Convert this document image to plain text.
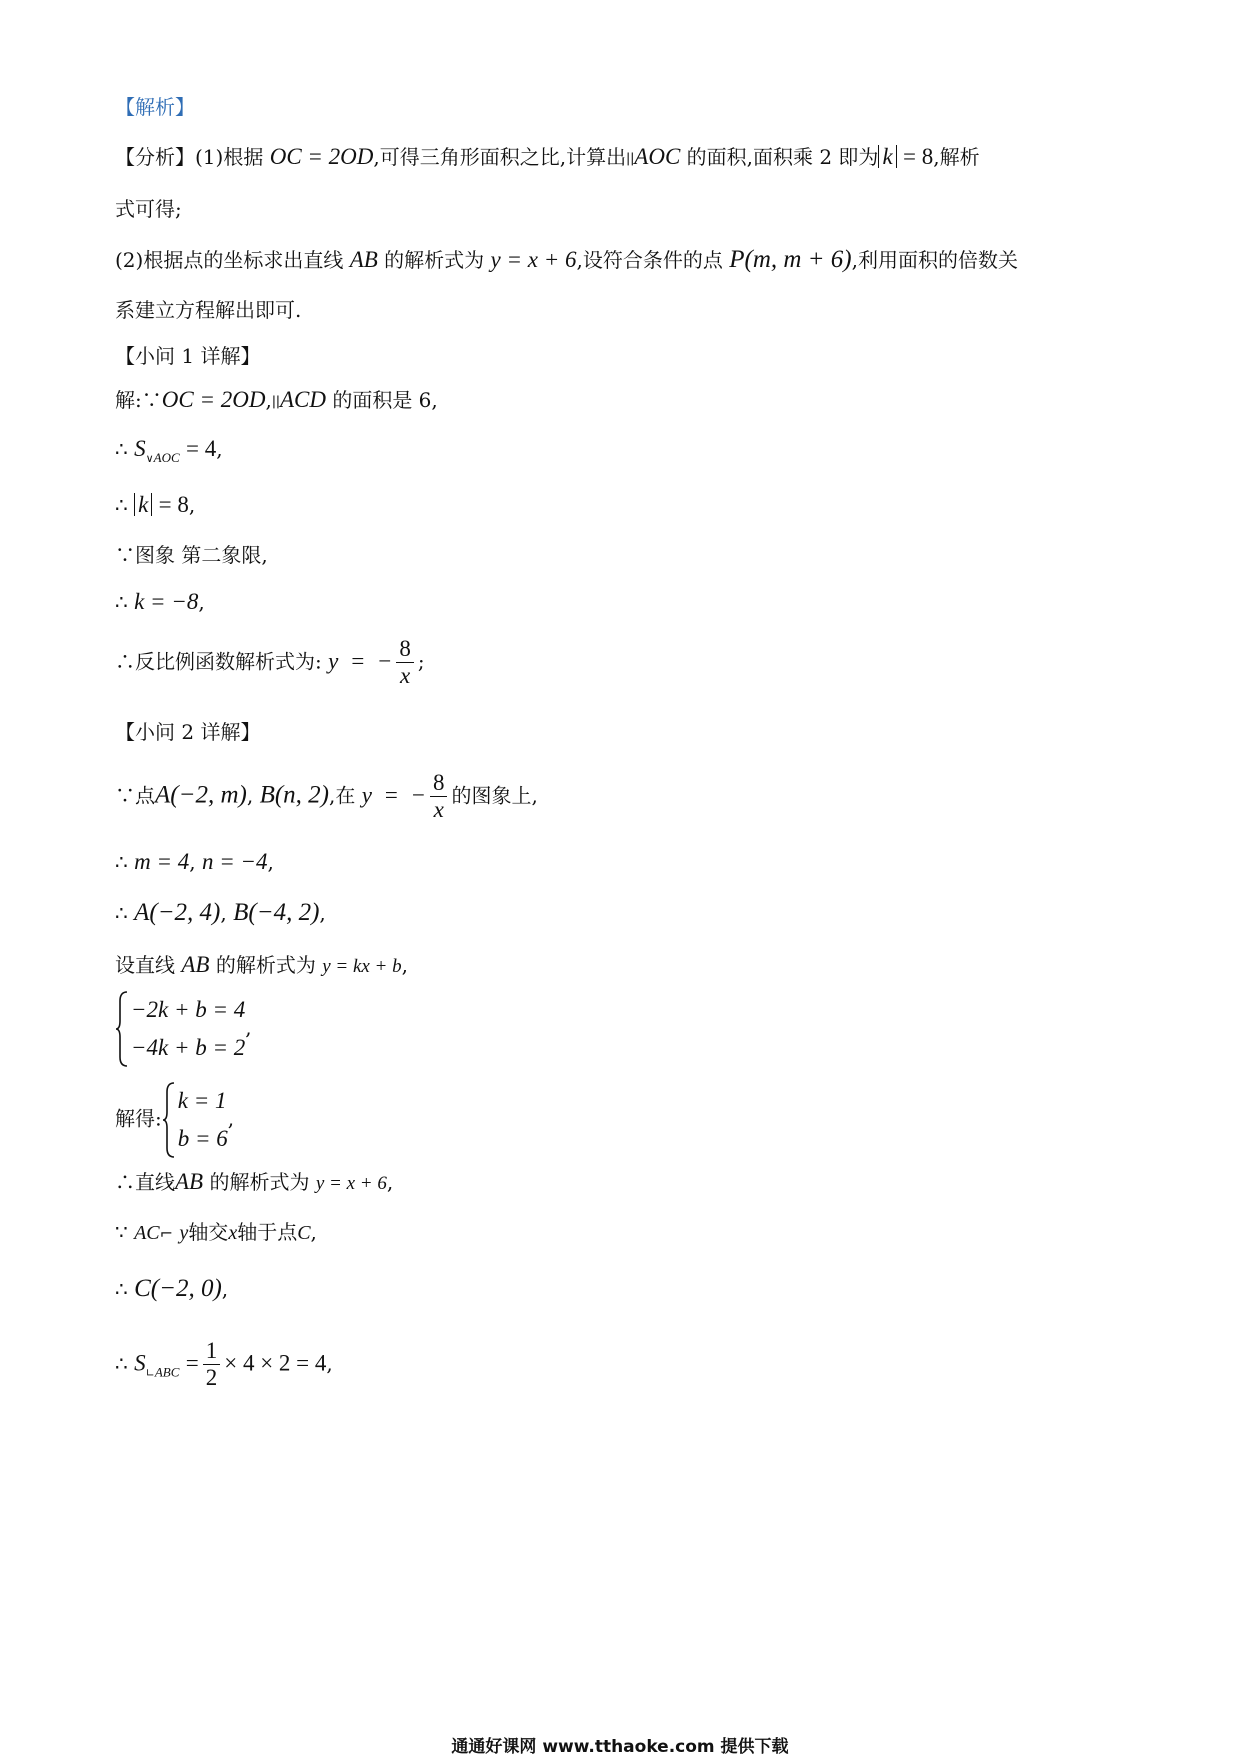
【解析】
【分析】(1)根据 OC = 2OD,可得三角形面积之比,计算出∣∣AOC 的面积,面积乘 2 即为 k = 8,解析
式可得;
(2)根据点的坐标求出直线 AB 的解析式为 y = x + 6,设符合条件的点 P(m, m + 6),利用面积的倍数关
系建立方程解出即可.
【小问 1 详解】
解:∵OC = 2OD,∣∣ACD 的面积是 6,
∴ $S_{\vee AOC} = 4$,
∴ k = 8,
∵图象 第二象限,
∴ k = −8,
∴反比例函数解析式为: y  =  − $\frac{8}{x}$ ;
【小问 2 详解】
∵点A(−2, m), B(n, 2),在 y  =  − $\frac{8}{x}$ 的图象上,
∴ m = 4, n = −4,
∴ A(−2, 4), B(−4, 2),
设直线 AB 的解析式为 y = kx + b,
−2k + b = 4
−4k + b = 2
,
解得:
k = 1
b = 6
,
∴直线AB 的解析式为 y = x + 6,
∵ AC⌐ y轴交x轴于点C,
∴ C(−2, 0),
∴ $S_{∟ABC} = \frac{1}{2} \times 4 \times 2 = 4$,
通通好课网 www.tthaoke.com 提供下载
